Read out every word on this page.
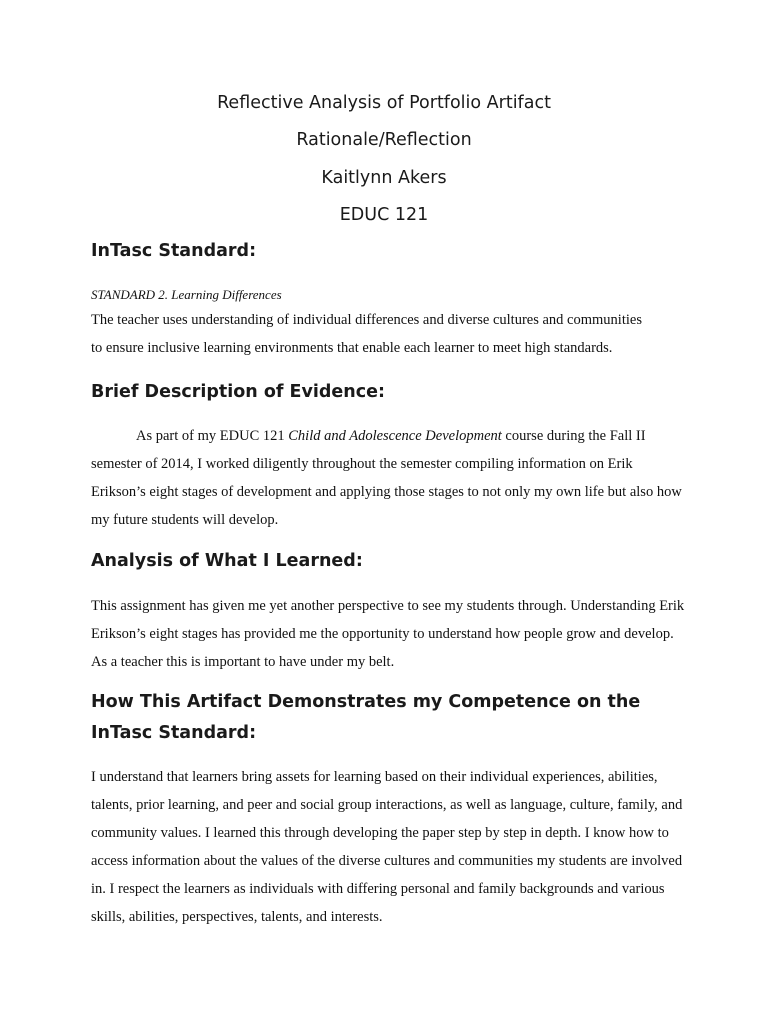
Reflective Analysis of Portfolio Artifact
Rationale/Reflection
Kaitlynn Akers
EDUC 121
InTasc Standard:
STANDARD 2. Learning Differences
The teacher uses understanding of individual differences and diverse cultures and communities
to ensure inclusive learning environments that enable each learner to meet high standards.
Brief Description of Evidence:
As part of my EDUC 121 Child and Adolescence Development course during the Fall II semester of 2014, I worked diligently throughout the semester compiling information on Erik Erikson’s eight stages of development and applying those stages to not only my own life but also how my future students will develop.
Analysis of What I Learned:
This assignment has given me yet another perspective to see my students through. Understanding Erik Erikson’s eight stages has provided me the opportunity to understand how people grow and develop. As a teacher this is important to have under my belt.
How This Artifact Demonstrates my Competence on the InTasc Standard:
I understand that learners bring assets for learning based on their individual experiences, abilities, talents, prior learning, and peer and social group interactions, as well as language, culture, family, and community values. I learned this through developing the paper step by step in depth. I know how to access information about the values of the diverse cultures and communities my students are involved in. I respect the learners as individuals with differing personal and family backgrounds and various skills, abilities, perspectives, talents, and interests.
